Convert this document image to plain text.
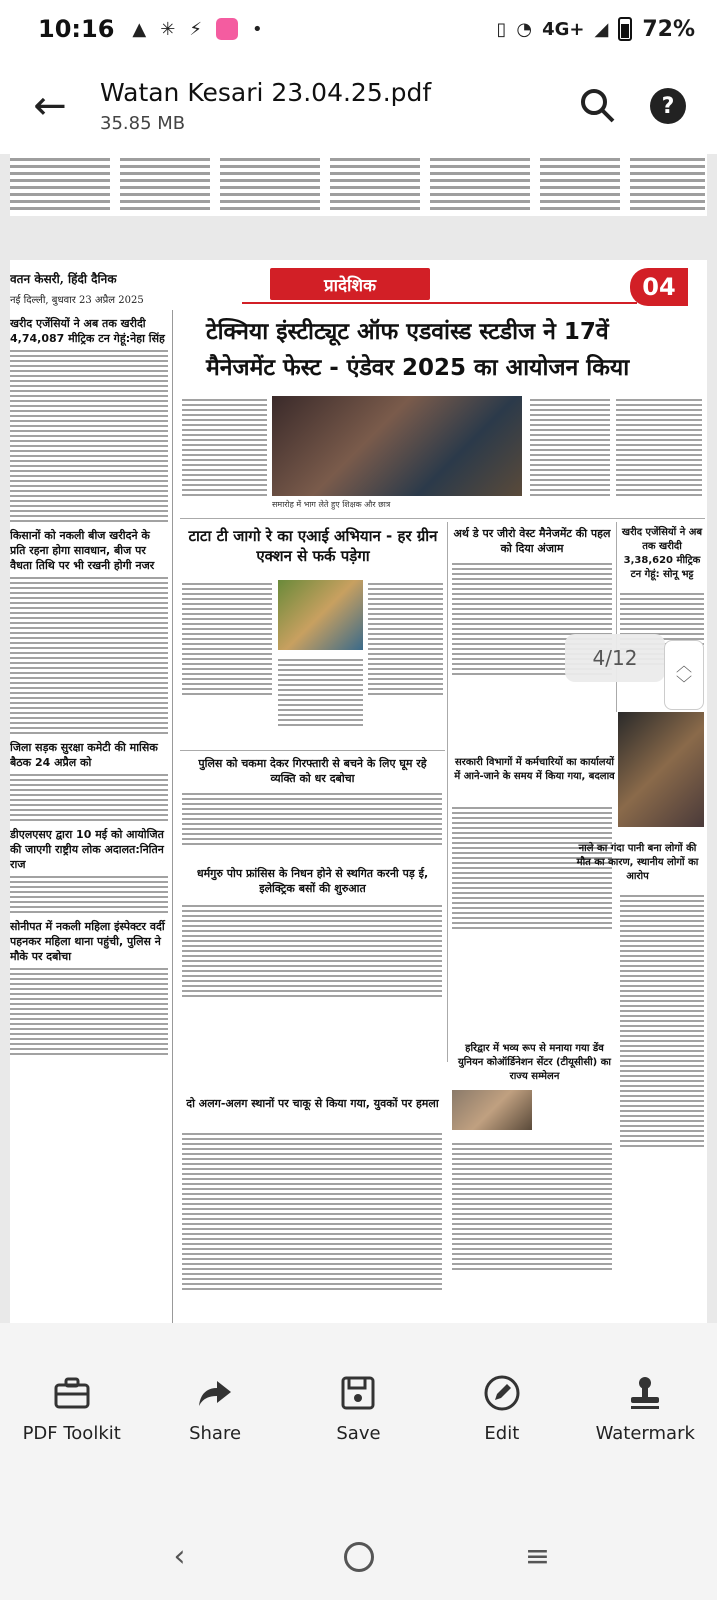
10:16 ▲ ✳ ⚡	•	▯ ◔ 4G+ ◢ 72%
← Watan Kesari 23.04.25.pdf
35.85 MB
?
वतन केसरी, हिंदी दैनिक
नई दिल्ली, बुधवार 23 अप्रैल 2025
प्रादेशिक	04
टेक्निया इंस्टीट्यूट ऑफ एडवांस्ड स्टडीज ने 17वें
मैनेजमेंट फेस्ट - एंडेवर 2025 का आयोजन किया
खरीद एजेंसियों ने अब तक खरीदी 4,74,087 मीट्रिक टन गेहूं:नेहा सिंह
किसानों को नकली बीज खरीदने के प्रति रहना होगा सावधान, बीज पर वैधता तिथि पर भी रखनी होगी नजर
जिला सड़क सुरक्षा कमेटी की मासिक बैठक 24 अप्रैल को
डीएलएसए द्वारा 10 मई को आयोजित की जाएगी राष्ट्रीय लोक अदालत:नितिन राज
सोनीपत में नकली महिला इंस्पेक्टर वर्दी पहनकर महिला थाना पहुंची, पुलिस ने मौके पर दबोचा
समारोह में भाग लेते हुए शिक्षक और छात्र
टाटा टी जागो रे का एआई अभियान - हर ग्रीन एक्शन से फर्क पड़ेगा
अर्थ डे पर जीरो वेस्ट मैनेजमेंट की पहल को दिया अंजाम
खरीद एजेंसियों ने अब तक खरीदी 3,38,620 मीट्रिक टन गेहूं: सोनू भट्ट
पुलिस को चकमा देकर गिरफ्तारी से बचने के लिए घूम रहे व्यक्ति को धर दबोचा
धर्मगुरु पोप फ्रांसिस के निधन होने से स्थगित करनी पड़ ई, इलेक्ट्रिक बसों की शुरुआत
दो अलग-अलग स्थानों पर चाकू से किया गया, युवकों पर हमला
सरकारी विभागों में कर्मचारियों का कार्यालयों में आने-जाने के समय में किया गया, बदलाव
नाले का गंदा पानी बना लोगों की मौत का कारण, स्थानीय लोगों का आरोप
हरिद्वार में भव्य रूप से मनाया गया डेंव युनियन कोऑर्डिनेशन सेंटर (टीयूसीसी) का राज्य सम्मेलन
4/12	︿
﹀
PDF Toolkit	Share	Save	Edit	Watermark
‹	≡
